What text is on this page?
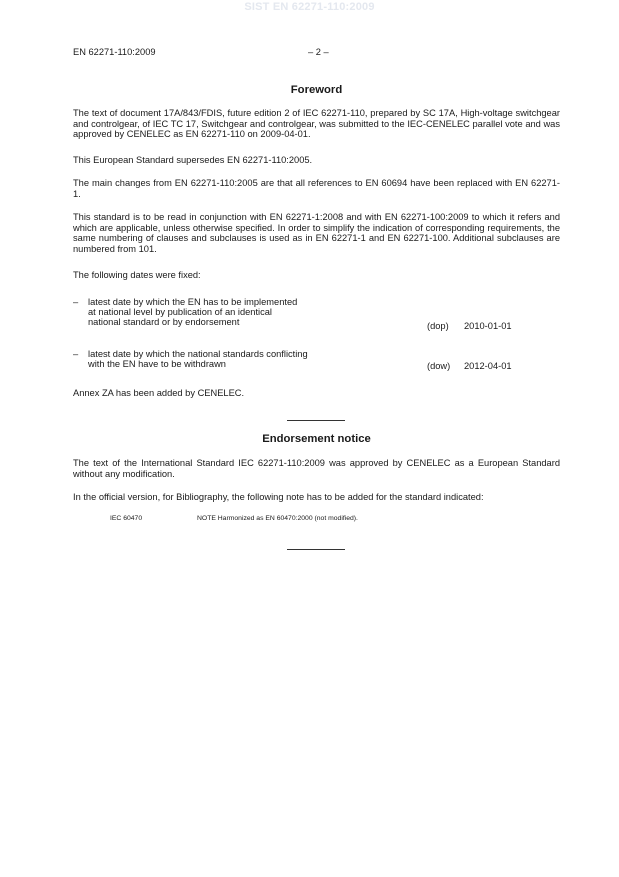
SIST EN 62271-110:2009
EN 62271-110:2009	– 2 –
Foreword

The text of document 17A/843/FDIS, future edition 2 of IEC 62271-110, prepared by SC 17A, High-voltage switchgear and controlgear, of IEC TC 17, Switchgear and controlgear, was submitted to the IEC-CENELEC parallel vote and was approved by CENELEC as EN 62271-110 on 2009-04-01.

This European Standard supersedes EN 62271-110:2005.

The main changes from EN 62271-110:2005 are that all references to EN 60694 have been replaced with EN 62271-1.

This standard is to be read in conjunction with EN 62271-1:2008 and with EN 62271-100:2009 to which it refers and which are applicable, unless otherwise specified. In order to simplify the indication of corresponding requirements, the same numbering of clauses and subclauses is used as in EN 62271-1 and EN 62271-100. Additional subclauses are numbered from 101.

The following dates were fixed:

– latest date by which the EN has to be implemented
at national level by publication of an identical
national standard or by endorsement	(dop) 2010-01-01
– latest date by which the national standards conflicting
with the EN have to be withdrawn	(dow) 2012-04-01

Annex ZA has been added by CENELEC.

Endorsement notice

The text of the International Standard IEC 62271-110:2009 was approved by CENELEC as a European Standard without any modification.

In the official version, for Bibliography, the following note has to be added for the standard indicated:

IEC 60470	NOTE Harmonized as EN 60470:2000 (not modified).
